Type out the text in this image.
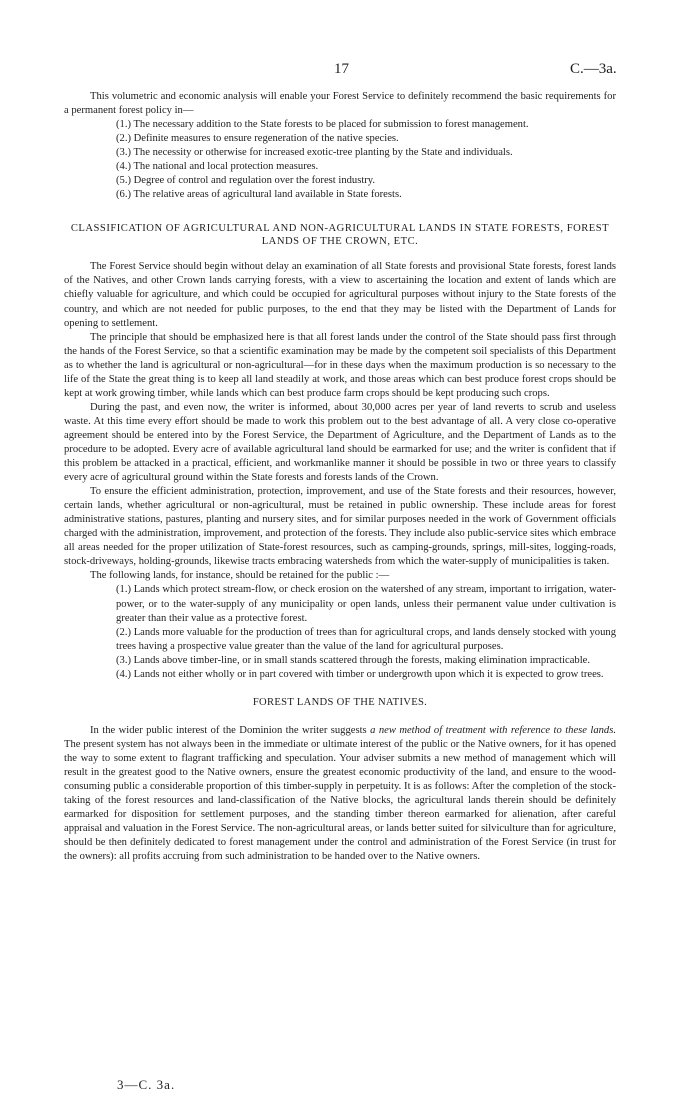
17	C.—3a.

This volumetric and economic analysis will enable your Forest Service to definitely recommend the basic requirements for a permanent forest policy in—

(1.) The necessary addition to the State forests to be placed for submission to forest management.
(2.) Definite measures to ensure regeneration of the native species.
(3.) The necessity or otherwise for increased exotic-tree planting by the State and individuals.
(4.) The national and local protection measures.
(5.) Degree of control and regulation over the forest industry.
(6.) The relative areas of agricultural land available in State forests.
CLASSIFICATION OF AGRICULTURAL AND NON-AGRICULTURAL LANDS IN STATE FORESTS, FOREST LANDS OF THE CROWN, ETC.

The Forest Service should begin without delay an examination of all State forests and provisional State forests, forest lands of the Natives, and other Crown lands carrying forests, with a view to ascertaining the location and extent of lands which are chiefly valuable for agriculture, and which could be occupied for agricultural purposes without injury to the State forests of the country, and which are not needed for public purposes, to the end that they may be listed with the Department of Lands for opening to settlement.

The principle that should be emphasized here is that all forest lands under the control of the State should pass first through the hands of the Forest Service, so that a scientific examination may be made by the competent soil specialists of this Department as to whether the land is agricultural or non-agricultural—for in these days when the maximum production is so necessary to the life of the State the great thing is to keep all land steadily at work, and those areas which can best produce forest crops should be kept at work growing timber, while lands which can best produce farm crops should be kept producing such crops.

During the past, and even now, the writer is informed, about 30,000 acres per year of land reverts to scrub and useless waste. At this time every effort should be made to work this problem out to the best advantage of all. A very close co-operative agreement should be entered into by the Forest Service, the Department of Agriculture, and the Department of Lands as to the procedure to be adopted. Every acre of available agricultural land should be earmarked for use; and the writer is confident that if this problem be attacked in a practical, efficient, and workmanlike manner it should be possible in two or three years to classify every acre of agricultural ground within the State forests and forests lands of the Crown.

To ensure the efficient administration, protection, improvement, and use of the State forests and their resources, however, certain lands, whether agricultural or non-agricultural, must be retained in public ownership. These include areas for forest administrative stations, pastures, planting and nursery sites, and for similar purposes needed in the work of Government officials charged with the administration, improvement, and protection of the forests. They include also public-service sites which embrace all areas needed for the proper utilization of State-forest resources, such as camping-grounds, springs, mill-sites, logging-roads, stock-driveways, holding-grounds, likewise tracts embracing watersheds from which the water-supply of municipalities is taken.

The following lands, for instance, should be retained for the public :—

(1.) Lands which protect stream-flow, or check erosion on the watershed of any stream, important to irrigation, water-power, or to the water-supply of any municipality or open lands, unless their permanent value under cultivation is greater than their value as a protective forest.
(2.) Lands more valuable for the production of trees than for agricultural crops, and lands densely stocked with young trees having a prospective value greater than the value of the land for agricultural purposes.
(3.) Lands above timber-line, or in small stands scattered through the forests, making elimination impracticable.
(4.) Lands not either wholly or in part covered with timber or undergrowth upon which it is expected to grow trees.
FOREST LANDS OF THE NATIVES.

In the wider public interest of the Dominion the writer suggests a new method of treatment with reference to these lands. The present system has not always been in the immediate or ultimate interest of the public or the Native owners, for it has opened the way to some extent to flagrant trafficking and speculation. Your adviser submits a new method of management which will result in the greatest good to the Native owners, ensure the greatest economic productivity of the land, and ensure to the wood-consuming public a considerable proportion of this timber-supply in perpetuity. It is as follows: After the completion of the stock-taking of the forest resources and land-classification of the Native blocks, the agricultural lands therein should be definitely earmarked for disposition for settlement purposes, and the standing timber thereon earmarked for alienation, after careful appraisal and valuation in the Forest Service. The non-agricultural areas, or lands better suited for silviculture than for agriculture, should be then definitely dedicated to forest management under the control and administration of the Forest Service (in trust for the owners): all profits accruing from such administration to be handed over to the Native owners.

3—C. 3a.
